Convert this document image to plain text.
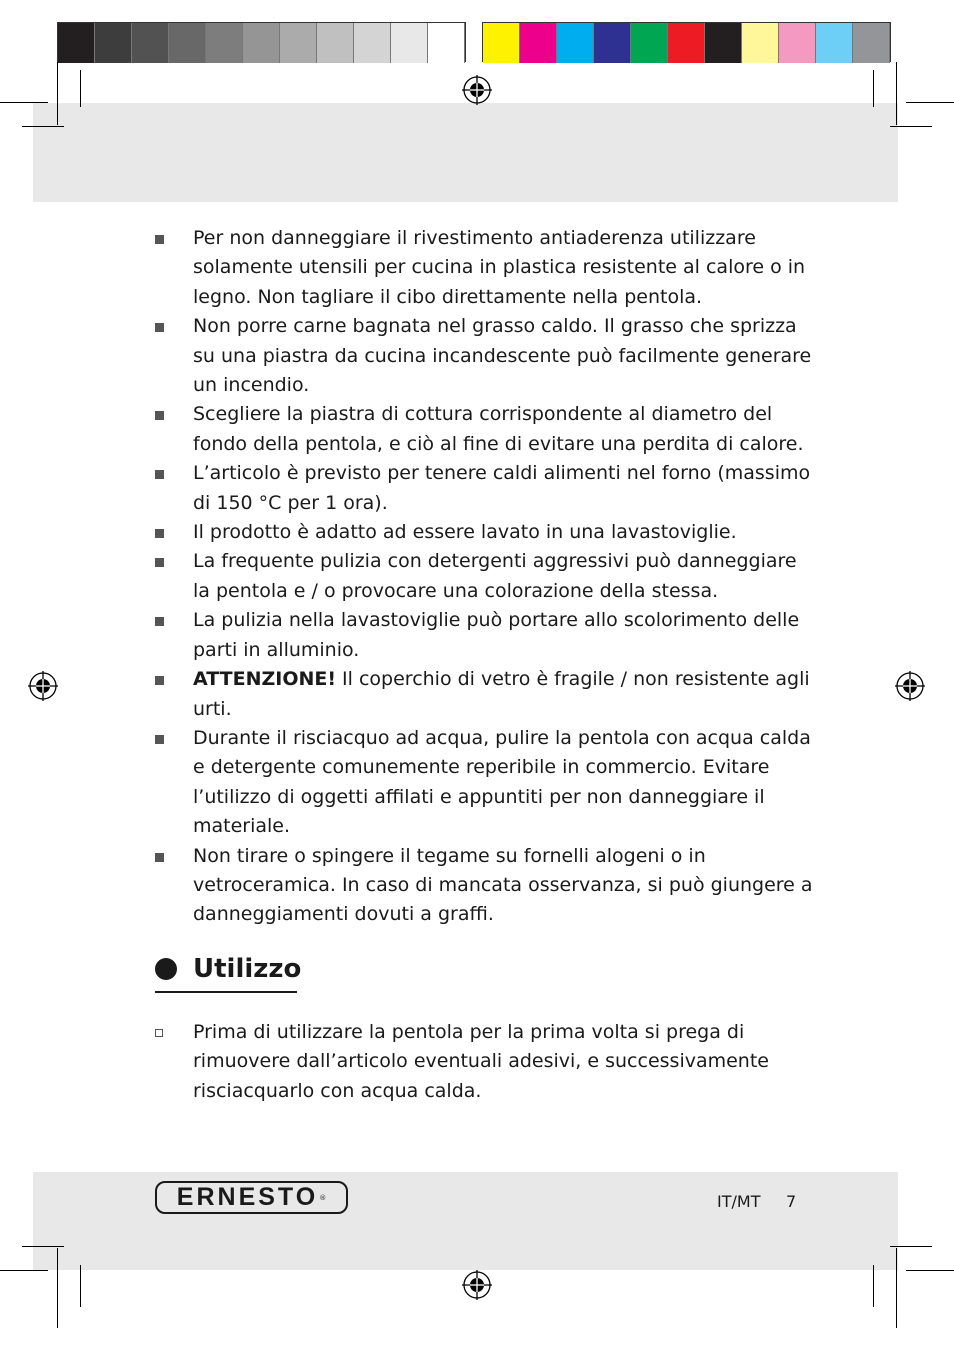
Per non danneggiare il rivestimento antiaderenza utilizzare solamente utensili per cucina in plastica resistente al calore o in legno. Non tagliare il cibo direttamente nella pentola.
Non porre carne bagnata nel grasso caldo. Il grasso che sprizza su una piastra da cucina incandescente può facilmente generare un incendio.
Scegliere la piastra di cottura corrispondente al diametro del fondo della pentola, e ciò al fine di evitare una perdita di calore.
L’articolo è previsto per tenere caldi alimenti nel forno (massimo di 150 °C per 1 ora).
Il prodotto è adatto ad essere lavato in una lavastoviglie.
La frequente pulizia con detergenti aggressivi può danneggiare la pentola e / o provocare una colorazione della stessa.
La pulizia nella lavastoviglie può portare allo scolorimento delle parti in alluminio.
ATTENZIONE! Il coperchio di vetro è fragile / non resistente agli urti.
Durante il risciacquo ad acqua, pulire la pentola con acqua calda e detergente comunemente reperibile in commercio. Evitare l’utilizzo di oggetti affilati e appuntiti per non danneggiare il materiale.
Non tirare o spingere il tegame su fornelli alogeni o in vetroceramica. In caso di mancata osservanza, si può giungere a danneggiamenti dovuti a graffi.
Utilizzo
Prima di utilizzare la pentola per la prima volta si prega di rimuovere dall’articolo eventuali adesivi, e successivamente risciacquarlo con acqua calda.
ERNESTO ®	IT/MT 7
